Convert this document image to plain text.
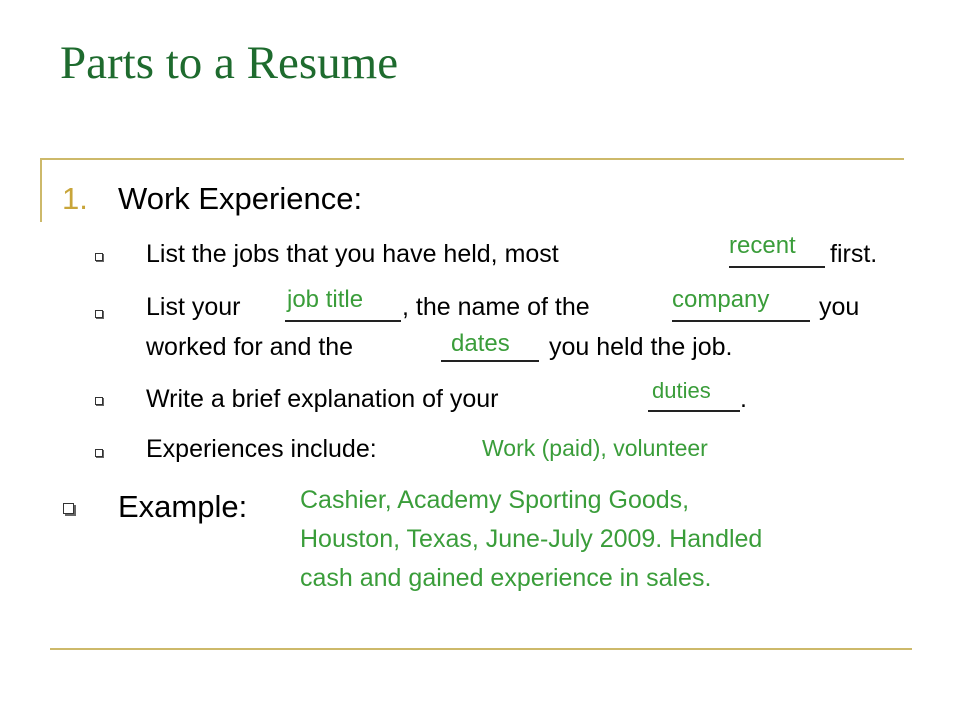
Parts to a Resume
1. Work Experience:
List the jobs that you have held, most	recent first.
List your job title , the name of the	company you
worked for and the	dates you held the job.
Write a brief explanation of your	duties .
Experiences include:	Work (paid), volunteer
Example: Cashier, Academy Sporting Goods,
Houston, Texas, June-July 2009. Handled
cash and gained experience in sales.
